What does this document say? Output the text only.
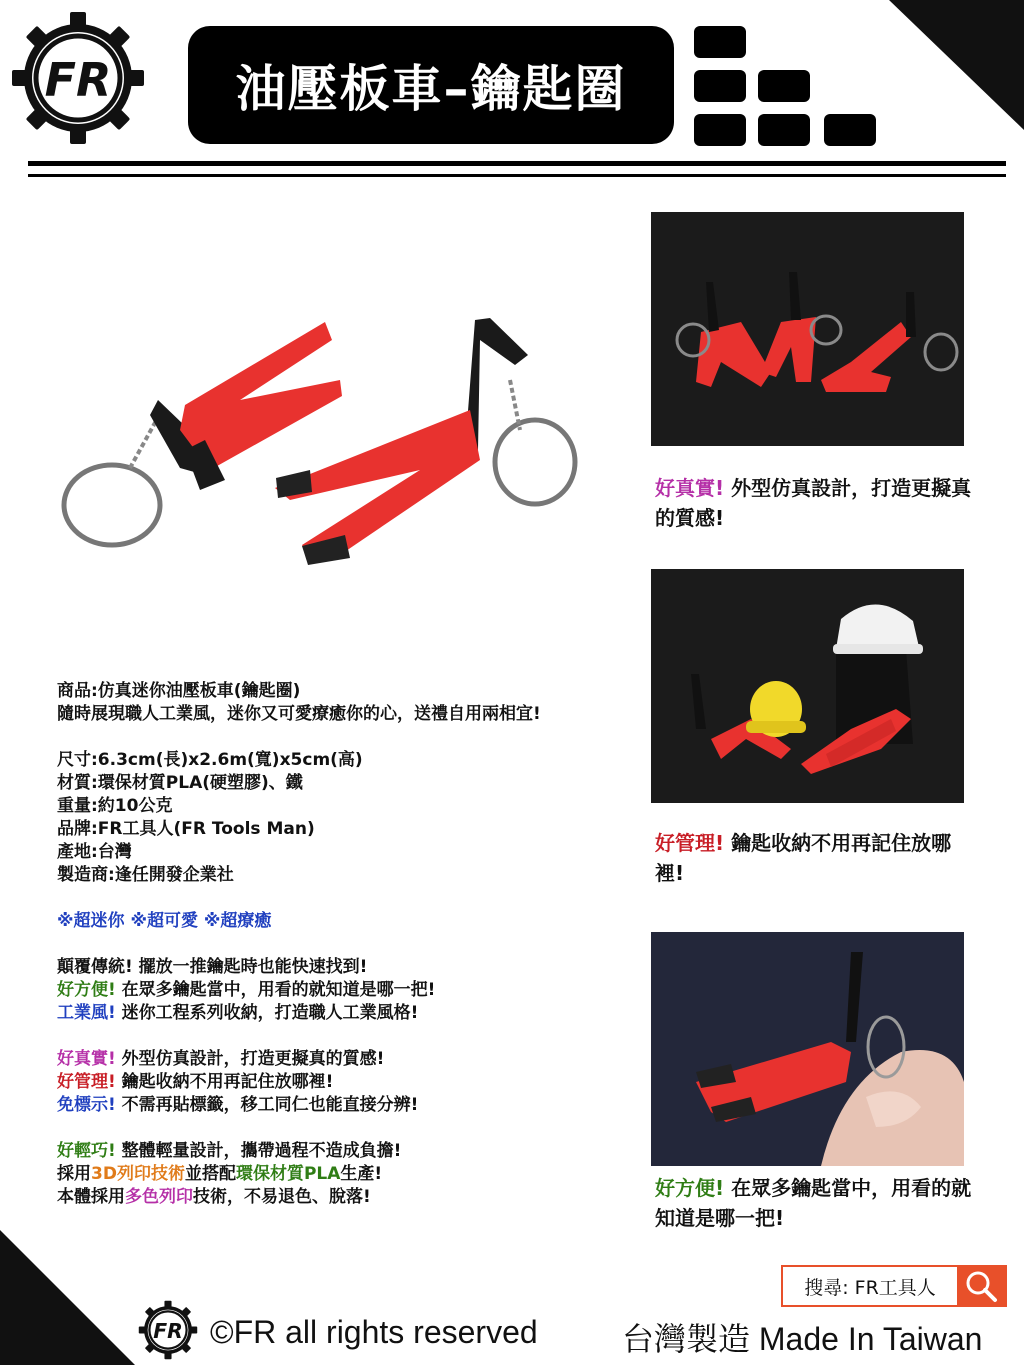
FR 油壓板車–鑰匙圈
好真實! 外型仿真設計，打造更擬真的質感!
好管理! 鑰匙收納不用再記住放哪裡!
好方便! 在眾多鑰匙當中，用看的就知道是哪一把!

商品:仿真迷你油壓板車(鑰匙圈)

隨時展現職人工業風，迷你又可愛療癒你的心，送禮自用兩相宜!

尺寸:6.3cm(長)x2.6m(寬)x5cm(高)

材質:環保材質PLA(硬塑膠)、鐵

重量:約10公克

品牌:FR工具人(FR Tools Man)

產地:台灣

製造商:逢任開發企業社

※超迷你 ※超可愛 ※超療癒

顛覆傳統! 擺放一推鑰匙時也能快速找到!

好方便! 在眾多鑰匙當中，用看的就知道是哪一把!

工業風! 迷你工程系列收納，打造職人工業風格!

好真實! 外型仿真設計，打造更擬真的質感!

好管理! 鑰匙收納不用再記住放哪裡!

免標示! 不需再貼標籤，移工同仁也能直接分辨!

好輕巧! 整體輕量設計，攜帶過程不造成負擔!

採用3D列印技術並搭配環保材質PLA生產!

本體採用多色列印技術，不易退色、脫落!

搜尋: FR工具人
FR ©FR all rights reserved	台灣製造 Made In Taiwan
